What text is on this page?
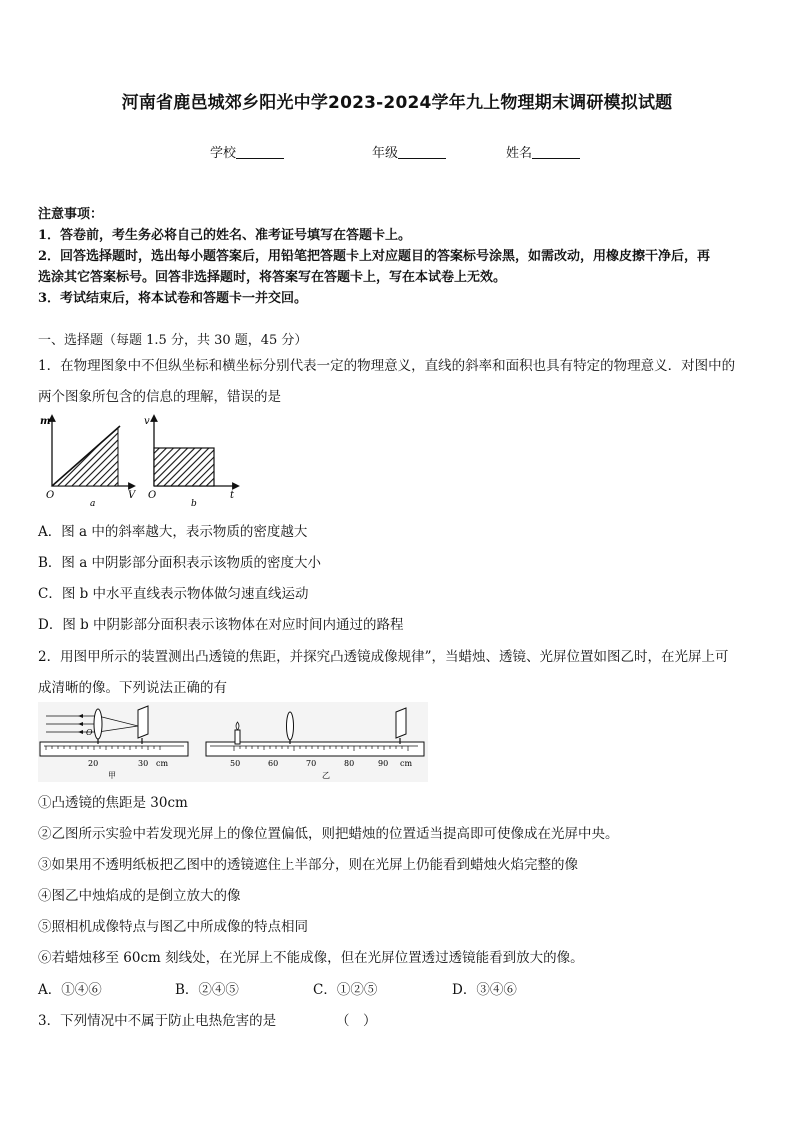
河南省鹿邑城郊乡阳光中学2023-2024学年九上物理期末调研模拟试题
学校	年级	姓名
注意事项：
1．答卷前，考生务必将自己的姓名、准考证号填写在答题卡上。
2．回答选择题时，选出每小题答案后，用铅笔把答题卡上对应题目的答案标号涂黑，如需改动，用橡皮擦干净后，再
选涂其它答案标号。回答非选择题时，将答案写在答题卡上，写在本试卷上无效。
3．考试结束后，将本试卷和答题卡一并交回。
一、选择题（每题 1.5 分，共 30 题，45 分）
1．在物理图象中不但纵坐标和横坐标分别代表一定的物理意义，直线的斜率和面积也具有特定的物理意义．对图中的
两个图象所包含的信息的理解，错误的是
m
V
O
a
v
t
O
b
A．图 a 中的斜率越大，表示物质的密度越大
B．图 a 中阴影部分面积表示该物质的密度大小
C．图 b 中水平直线表示物体做匀速直线运动
D．图 b 中阴影部分面积表示该物体在对应时间内通过的路程
2．用图甲所示的装置测出凸透镜的焦距，并探究凸透镜成像规律”，当蜡烛、透镜、光屏位置如图乙时，在光屏上可
成清晰的像。下列说法正确的有
O
20	30 cm
甲
50	60	70	80	90 cm
乙
①凸透镜的焦距是 30cm
②乙图所示实验中若发现光屏上的像位置偏低，则把蜡烛的位置适当提高即可使像成在光屏中央。
③如果用不透明纸板把乙图中的透镜遮住上半部分，则在光屏上仍能看到蜡烛火焰完整的像
④图乙中烛焰成的是倒立放大的像
⑤照相机成像特点与图乙中所成像的特点相同
⑥若蜡烛移至 60cm 刻线处，在光屏上不能成像，但在光屏位置透过透镜能看到放大的像。
A．①④⑥	B．②④⑤	C．①②⑤	D．③④⑥
3．下列情况中不属于防止电热危害的是	（　）
